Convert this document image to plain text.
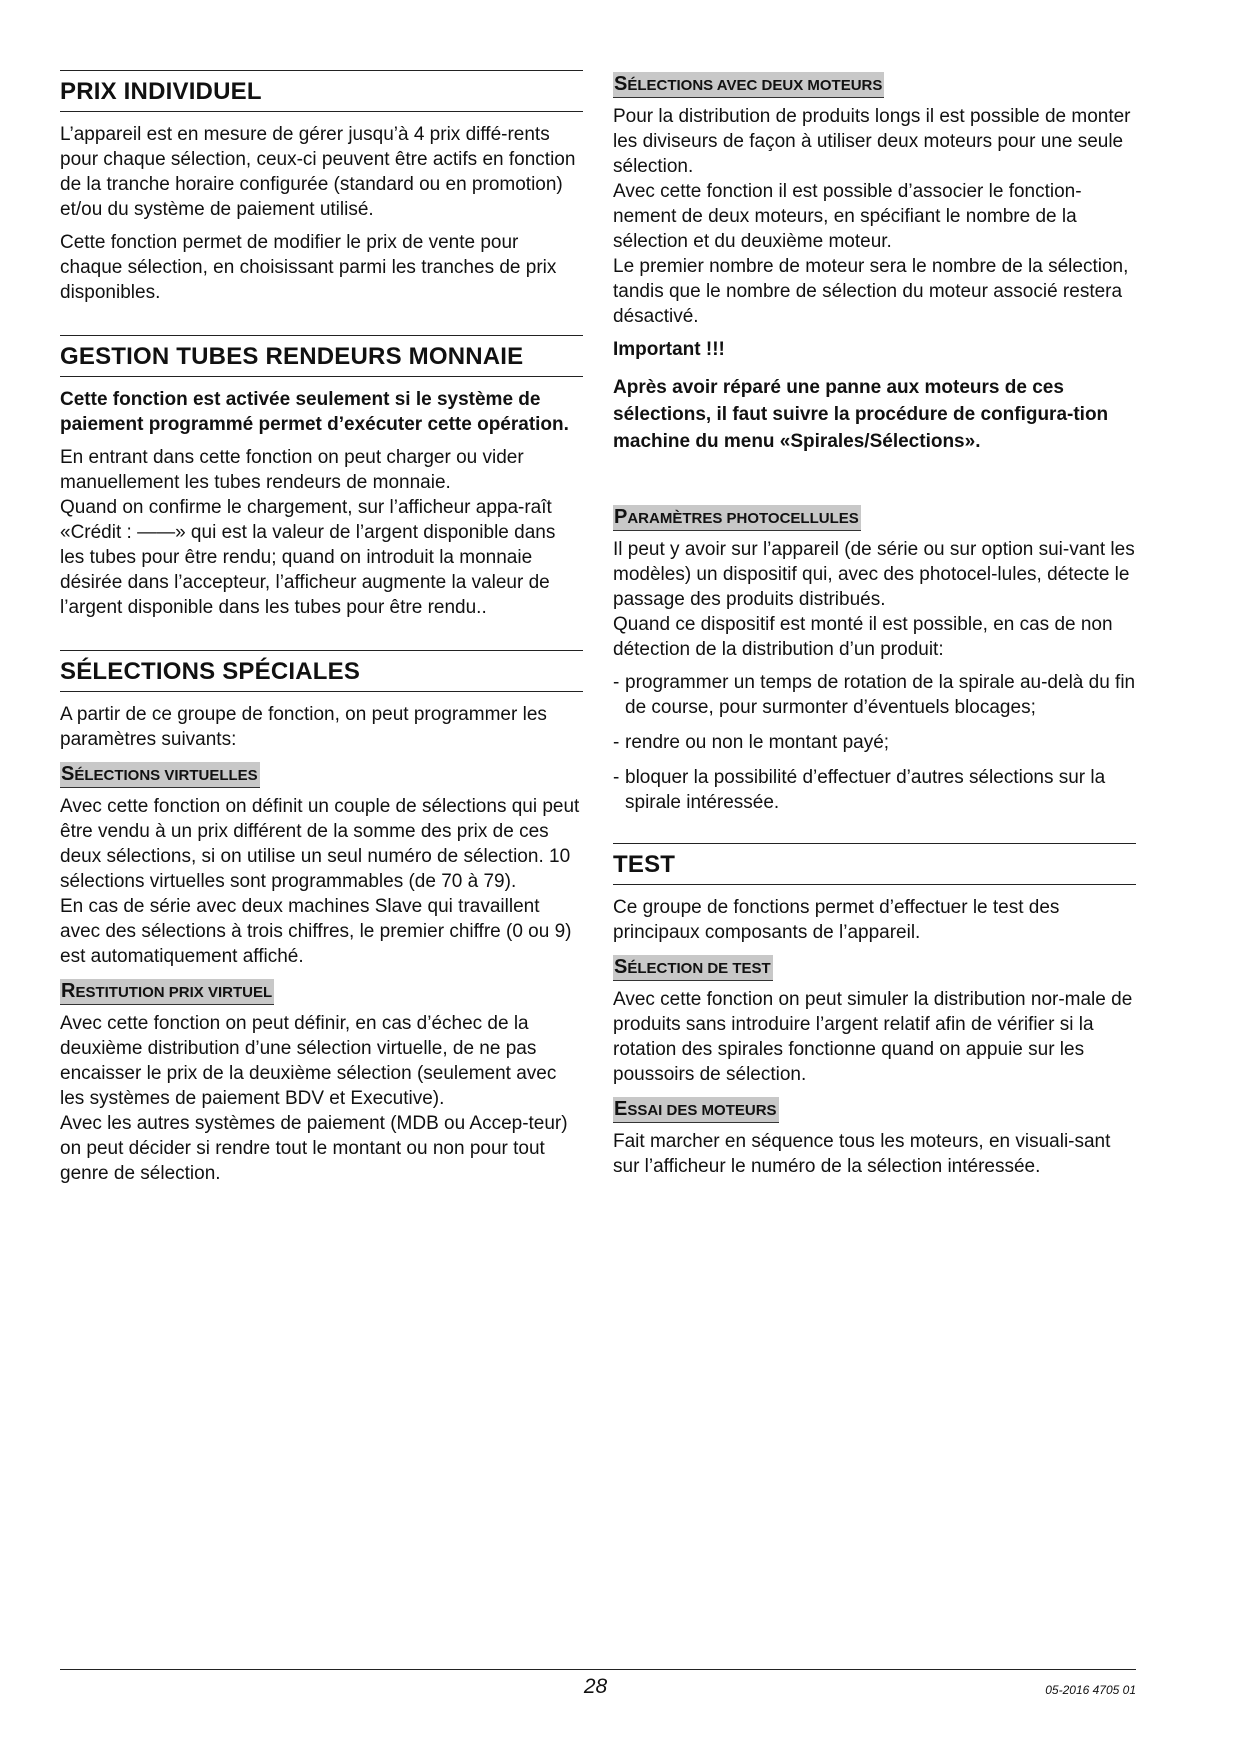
PRIX INDIVIDUEL

L’appareil est en mesure de gérer jusqu’à 4 prix diffé-rents pour chaque sélection, ceux-ci peuvent être actifs en fonction de la tranche horaire configurée (standard ou en promotion) et/ou du système de paiement utilisé.

Cette fonction permet de modifier le prix de vente pour chaque sélection, en choisissant parmi les tranches de prix disponibles.

GESTION TUBES RENDEURS MONNAIE

Cette fonction est activée seulement si le système de paiement programmé permet d’exécuter cette opération.

En entrant dans cette fonction on peut charger ou vider manuellement les tubes rendeurs de monnaie.

Quand on confirme le chargement, sur l’afficheur appa-raît

«Crédit : ——» qui est la valeur de l’argent disponible dans les tubes pour être rendu; quand on introduit la monnaie désirée dans l’accepteur, l’afficheur augmente la valeur de l’argent disponible dans les tubes pour être rendu..

SÉLECTIONS SPÉCIALES

A partir de ce groupe de fonction, on peut programmer les paramètres suivants:

SÉLECTIONS VIRTUELLES

Avec cette fonction on définit un couple de sélections qui peut être vendu à un prix différent de la somme des prix de ces deux sélections, si on utilise un seul numéro de sélection. 10 sélections virtuelles sont programmables (de 70 à 79).

En cas de série avec deux machines Slave qui travaillent avec des sélections à trois chiffres, le premier chiffre (0 ou 9) est automatiquement affiché.

RESTITUTION PRIX VIRTUEL

Avec cette fonction on peut définir, en cas d’échec de la deuxième distribution d’une sélection virtuelle, de ne pas encaisser le prix de la deuxième sélection (seulement avec les systèmes de paiement BDV et Executive).

Avec les autres systèmes de paiement (MDB ou Accep-teur) on peut décider si rendre tout le montant ou non pour tout genre de sélection.

SÉLECTIONS AVEC DEUX MOTEURS

Pour la distribution de produits longs il est possible de monter les diviseurs de façon à utiliser deux moteurs pour une seule sélection.

Avec cette fonction il est possible d’associer le fonction-nement de deux moteurs, en spécifiant le nombre de la sélection et du deuxième moteur.

Le premier nombre de moteur sera le nombre de la sélection, tandis que le nombre de sélection du moteur associé restera désactivé.

Important !!!

Après avoir réparé une panne aux moteurs de ces sélections, il faut suivre la procédure de configura-tion machine du menu «Spirales/Sélections».

PARAMÈTRES PHOTOCELLULES

Il peut y avoir sur l’appareil (de série ou sur option sui-vant les modèles) un dispositif qui, avec des photocel-lules, détecte le passage des produits distribués.

Quand ce dispositif est monté il est possible, en cas de non détection de la distribution d’un produit:

- programmer un temps de rotation de la spirale au-delà du fin de course, pour surmonter d’éventuels blocages;

- rendre ou non le montant payé;

- bloquer la possibilité d’effectuer d’autres sélections sur la spirale intéressée.

TEST

Ce groupe de fonctions permet d’effectuer le test des principaux composants de l’appareil.

SÉLECTION DE TEST

Avec cette fonction on peut simuler la distribution nor-male de produits sans introduire l’argent relatif afin de vérifier si la rotation des spirales fonctionne quand on appuie sur les poussoirs de sélection.

ESSAI DES MOTEURS

Fait marcher en séquence tous les moteurs, en visuali-sant sur l’afficheur le numéro de la sélection intéressée.

28	05-2016 4705 01
